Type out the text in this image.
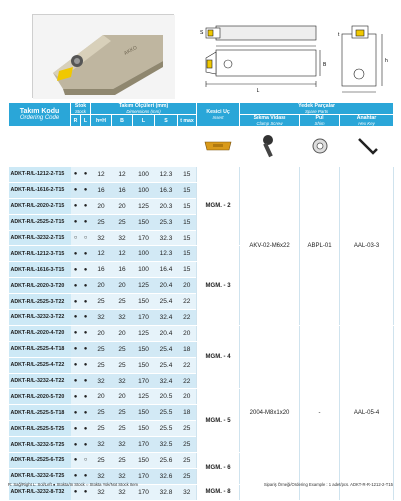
AKKO
L
B
S
h
t
Takım Kodu
Ordering Code	Stok
Stock		Takım Ölçüleri (mm)
Dimensions (mm)					Kesici Uç
Insert	Yedek Parçalar
Spare Parts		

	R	L	h=H	B	L	S	t max		Sıkma Vidası
Clamp Screw	Pul
Shim	Anahtar
Hex Key

ADKT-R/L-1212-2-T15	●	●	12	12	100	12.3	15	MGM. - 2	AKV-02-M6x22	ABPL-01	AAL-03-3
ADKT-R/L-1616-2-T15	●	●	16	16	100	16.3	15				
ADKT-R/L-2020-2-T15	●	●	20	20	125	20.3	15				
ADKT-R/L-2525-2-T15	●	●	25	25	150	25.3	15				
ADKT-R/L-3232-2-T15	○	○	32	32	170	32.3	15				
ADKT-R/L-1212-3-T15	●	●	12	12	100	12.3	15	MGM. - 3			
ADKT-R/L-1616-3-T15	●	●	16	16	100	16.4	15				
ADKT-R/L-2020-3-T20	●	●	20	20	125	20.4	20				
ADKT-R/L-2525-3-T22	●	●	25	25	150	25.4	22				
ADKT-R/L-3232-3-T22	●	●	32	32	170	32.4	22				
ADKT-R/L-2020-4-T20	●	●	20	20	125	20.4	20	MGM. - 4	2004-M8x1x20	-	AAL-05-4
ADKT-R/L-2525-4-T18	●	●	25	25	150	25.4	18				
ADKT-R/L-2525-4-T22	●	●	25	25	150	25.4	22				
ADKT-R/L-3232-4-T22	●	●	32	32	170	32.4	22				
ADKT-R/L-2020-5-T20	●	●	20	20	125	20.5	20	MGM. - 5			
ADKT-R/L-2525-5-T18	●	●	25	25	150	25.5	18				
ADKT-R/L-2525-5-T25	●	●	25	25	150	25.5	25				
ADKT-R/L-3232-5-T25	●	●	32	32	170	32.5	25				
ADKT-R/L-2525-6-T25	●	○	25	25	150	25.6	25	MGM. - 6			
ADKT-R/L-3232-6-T25	●	●	32	32	170	32.6	25				
ADKT-R/L-3232-8-T32	●	●	32	32	170	32.8	32	MGM. - 8			
R: Sağ/Right L: Sol/Left ● Stokta/In Stock ○ Stokta Yok/Not Stock Item	Sipariş Örneği/Ordering Example : 1 adet/pcs. ADKT-R-R-1212-2-T15
